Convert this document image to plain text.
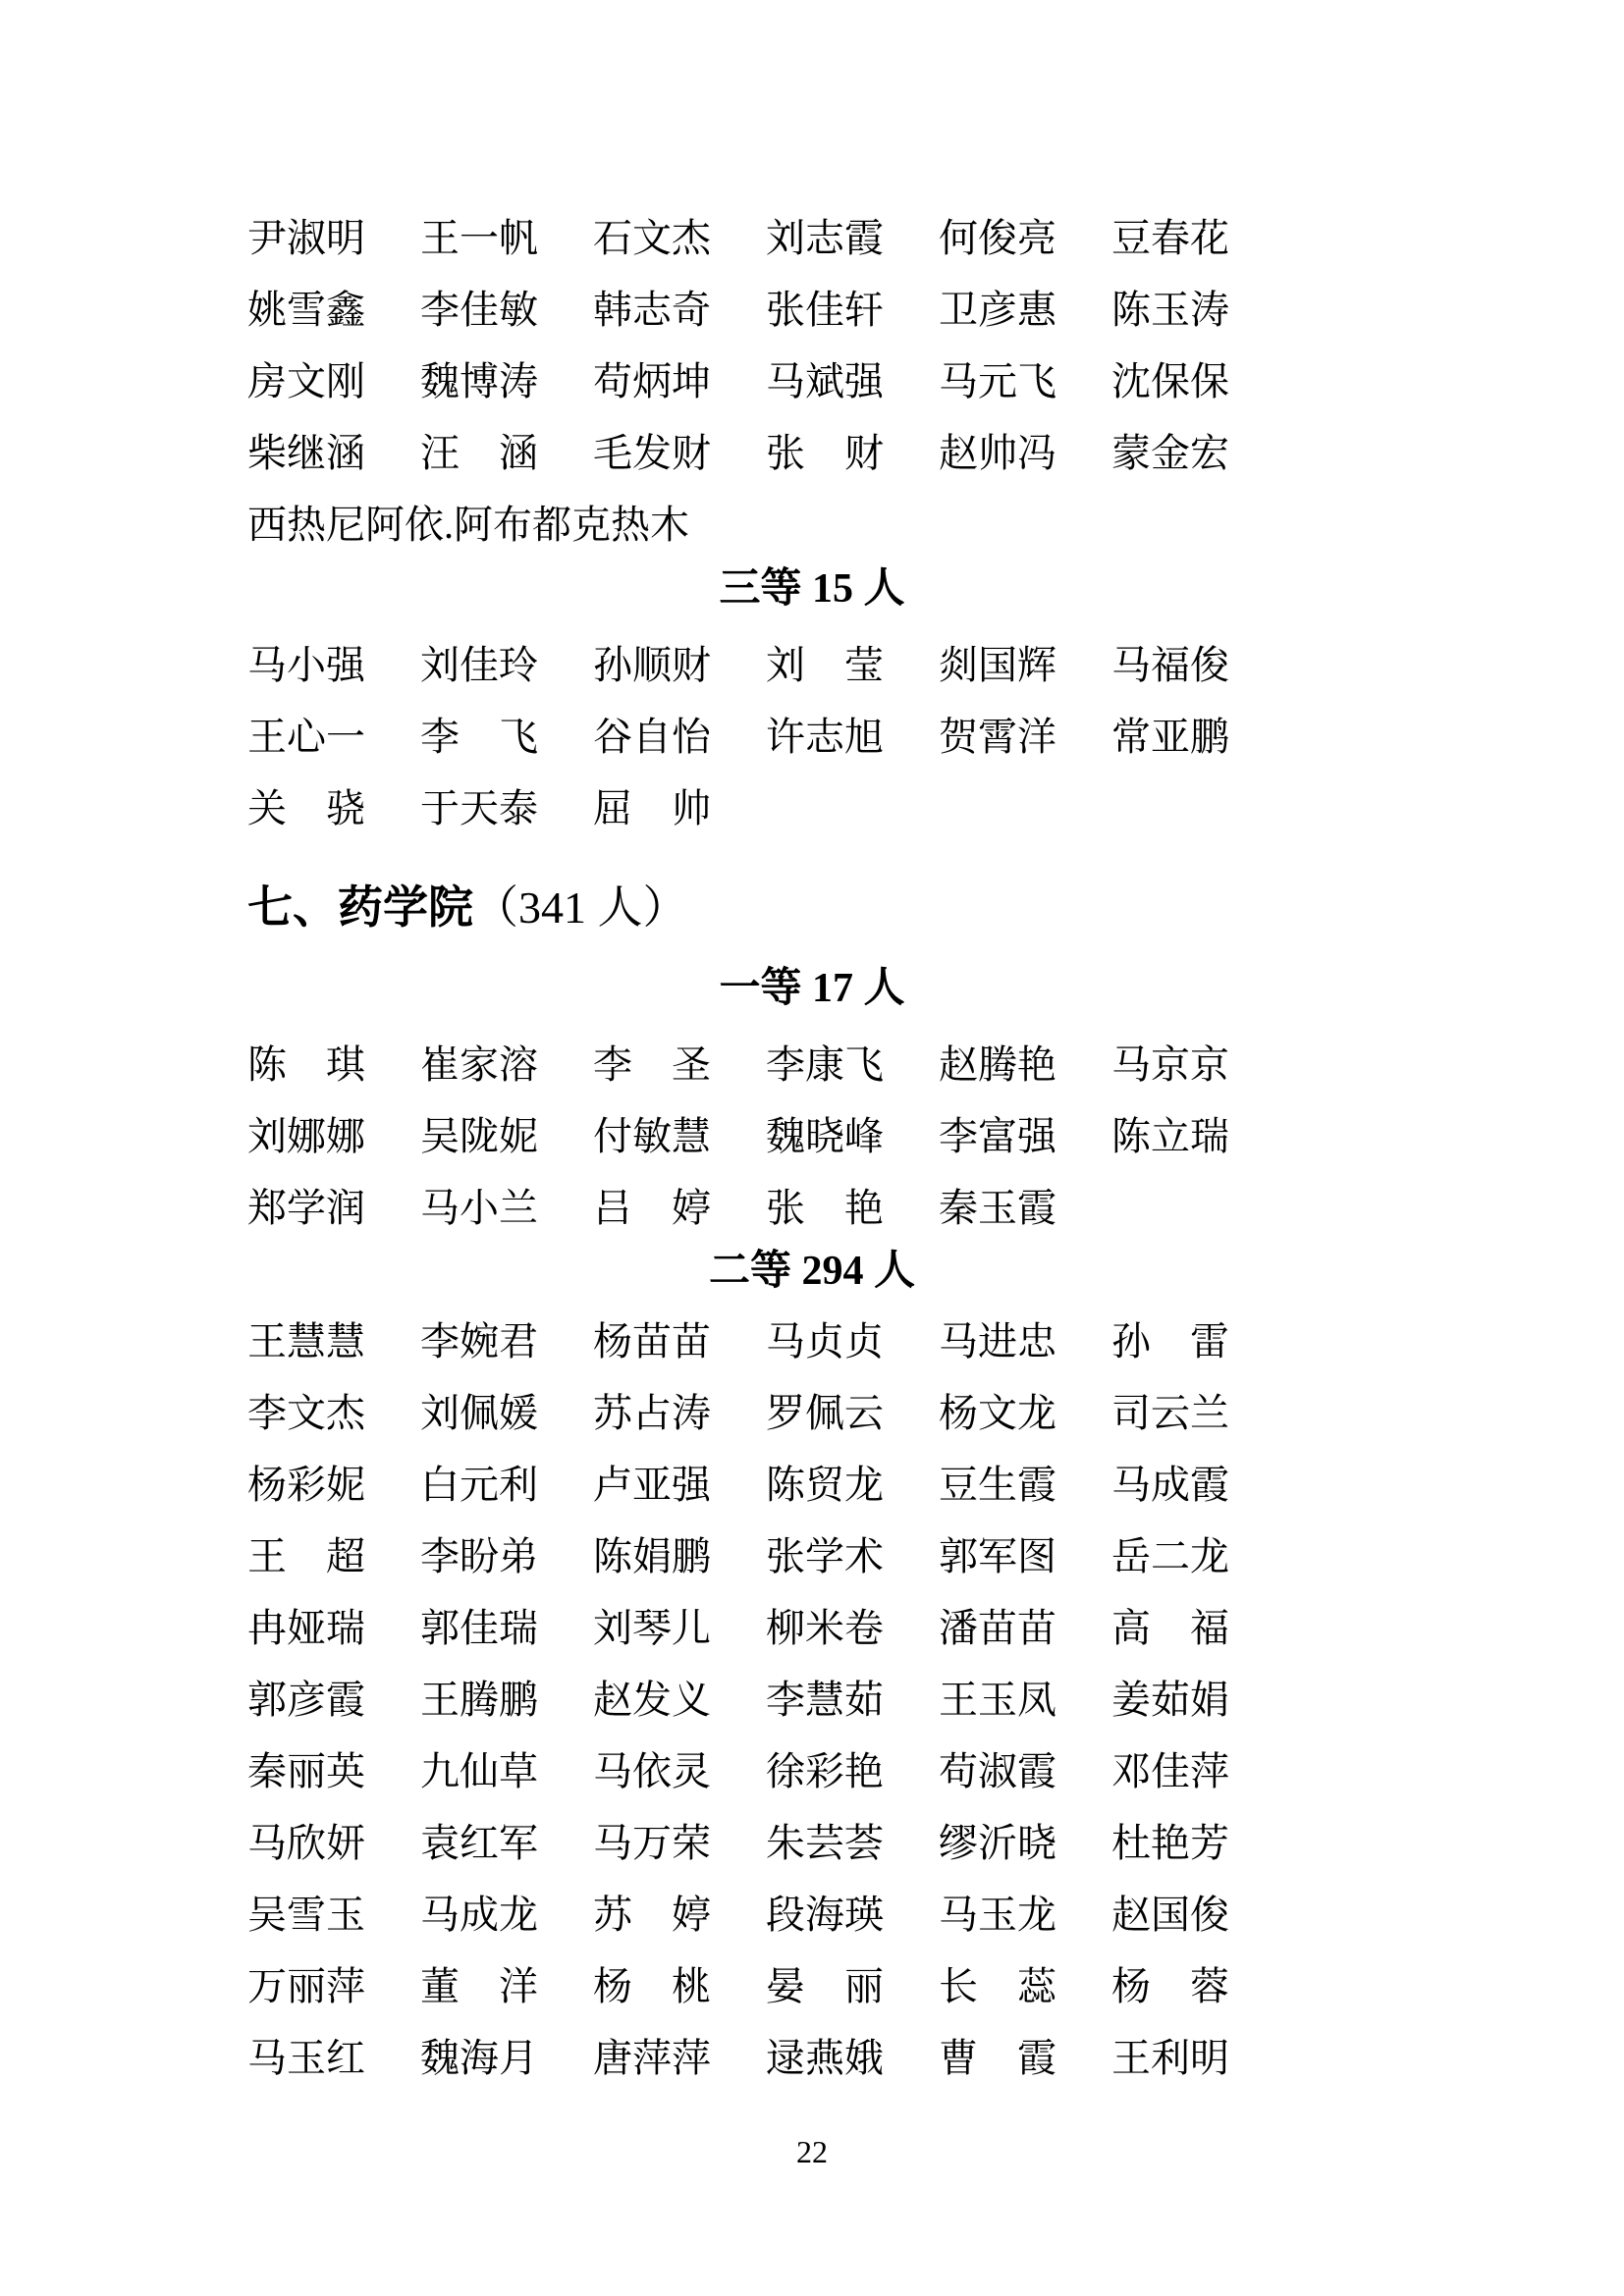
尹淑明 王一帆 石文杰 刘志霞 何俊亮 豆春花
姚雪鑫 李佳敏 韩志奇 张佳轩 卫彦惠 陈玉涛
房文刚 魏博涛 苟炳坤 马斌强 马元飞 沈保保
柴继涵 汪　涵 毛发财 张　财 赵帅冯 蒙金宏
西热尼阿依.阿布都克热木
三等 15 人
马小强 刘佳玲 孙顺财 刘　莹 剡国辉 马福俊
王心一 李　飞 谷自怡 许志旭 贺霄洋 常亚鹏
关　骁 于天泰 屈　帅
七、药学院（341 人）
一等 17 人
陈　琪 崔家溶 李　圣 李康飞 赵腾艳 马京京
刘娜娜 吴陇妮 付敏慧 魏晓峰 李富强 陈立瑞
郑学润 马小兰 吕　婷 张　艳 秦玉霞
二等 294 人
王慧慧 李婉君 杨苗苗 马贞贞 马进忠 孙　雷
李文杰 刘佩媛 苏占涛 罗佩云 杨文龙 司云兰
杨彩妮 白元利 卢亚强 陈贸龙 豆生霞 马成霞
王　超 李盼弟 陈娟鹏 张学术 郭军图 岳二龙
冉娅瑞 郭佳瑞 刘琴儿 柳米卷 潘苗苗 高　福
郭彦霞 王腾鹏 赵发义 李慧茹 王玉凤 姜茹娟
秦丽英 九仙草 马依灵 徐彩艳 苟淑霞 邓佳萍
马欣妍 袁红军 马万荣 朱芸荟 缪沂晓 杜艳芳
吴雪玉 马成龙 苏　婷 段海瑛 马玉龙 赵国俊
万丽萍 董　洋 杨　桃 晏　丽 长　蕊 杨　蓉
马玉红 魏海月 唐萍萍 逯燕娥 曹　霞 王利明
22
